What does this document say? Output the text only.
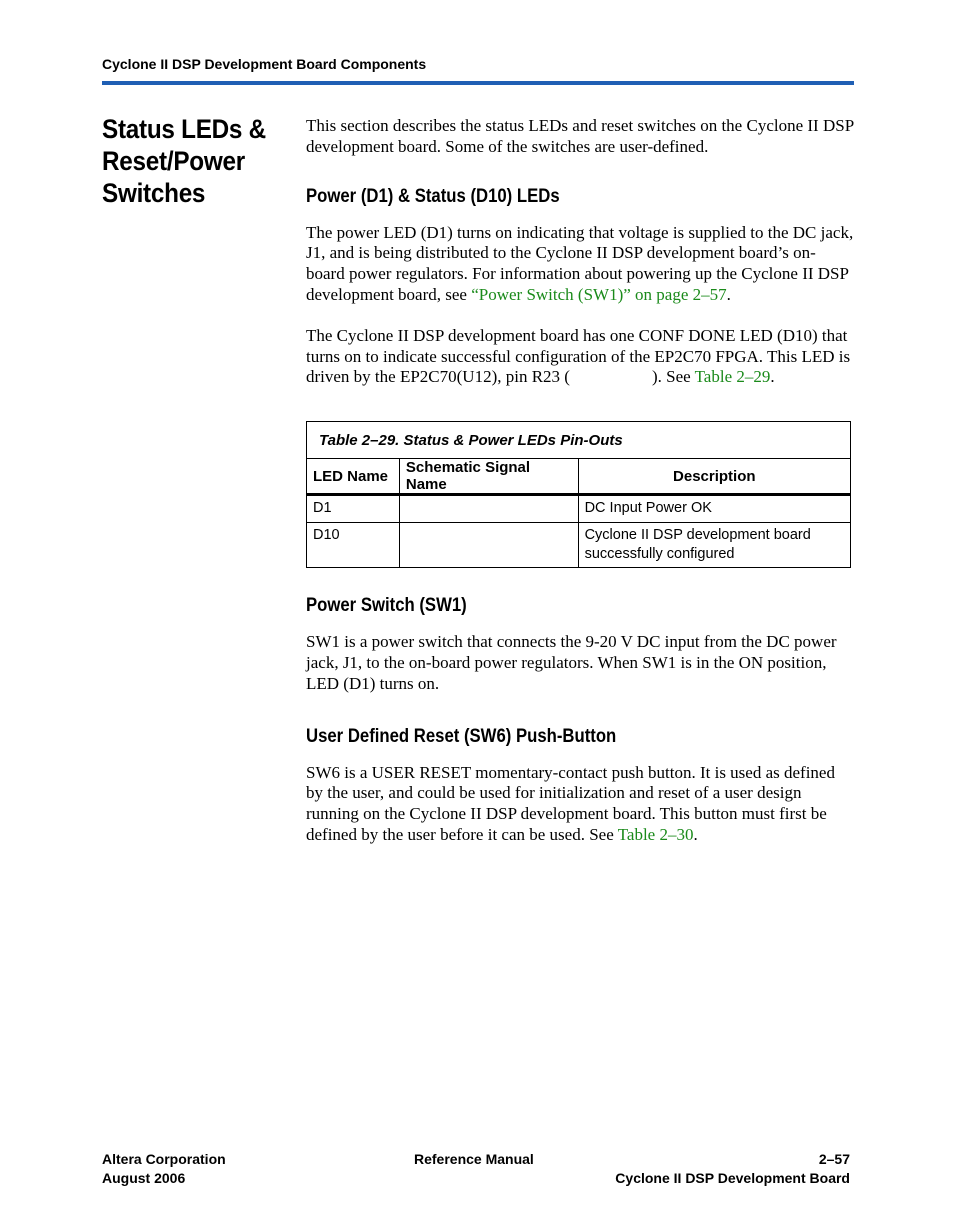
Cyclone II DSP Development Board Components
Status LEDs & Reset/Power Switches

This section describes the status LEDs and reset switches on the Cyclone II DSP development board. Some of the switches are user-defined.

Power (D1) & Status (D10) LEDs

The power LED (D1) turns on indicating that voltage is supplied to the DC jack, J1, and is being distributed to the Cyclone II DSP development board’s on-board power regulators. For information about powering up the Cyclone II DSP development board, see “Power Switch (SW1)” on page 2–57.

The Cyclone II DSP development board has one CONF DONE LED (D10) that turns on to indicate successful configuration of the EP2C70 FPGA. This LED is driven by the EP2C70(U12), pin R23 (	). See Table 2–29.

Table 2–29. Status & Power LEDs Pin-Outs		
LED Name	Schematic Signal Name	Description
D1		DC Input Power OK
D10		Cyclone II DSP development board successfully configured
Power Switch (SW1)

SW1 is a power switch that connects the 9-20 V DC input from the DC power jack, J1, to the on-board power regulators. When SW1 is in the ON position, LED (D1) turns on.

User Defined Reset (SW6) Push-Button

SW6 is a USER RESET momentary-contact push button. It is used as defined by the user, and could be used for initialization and reset of a user design running on the Cyclone II DSP development board. This button must first be defined by the user before it can be used. See Table 2–30.

Altera Corporation
August 2006
Reference Manual	2–57
Cyclone II DSP Development Board
